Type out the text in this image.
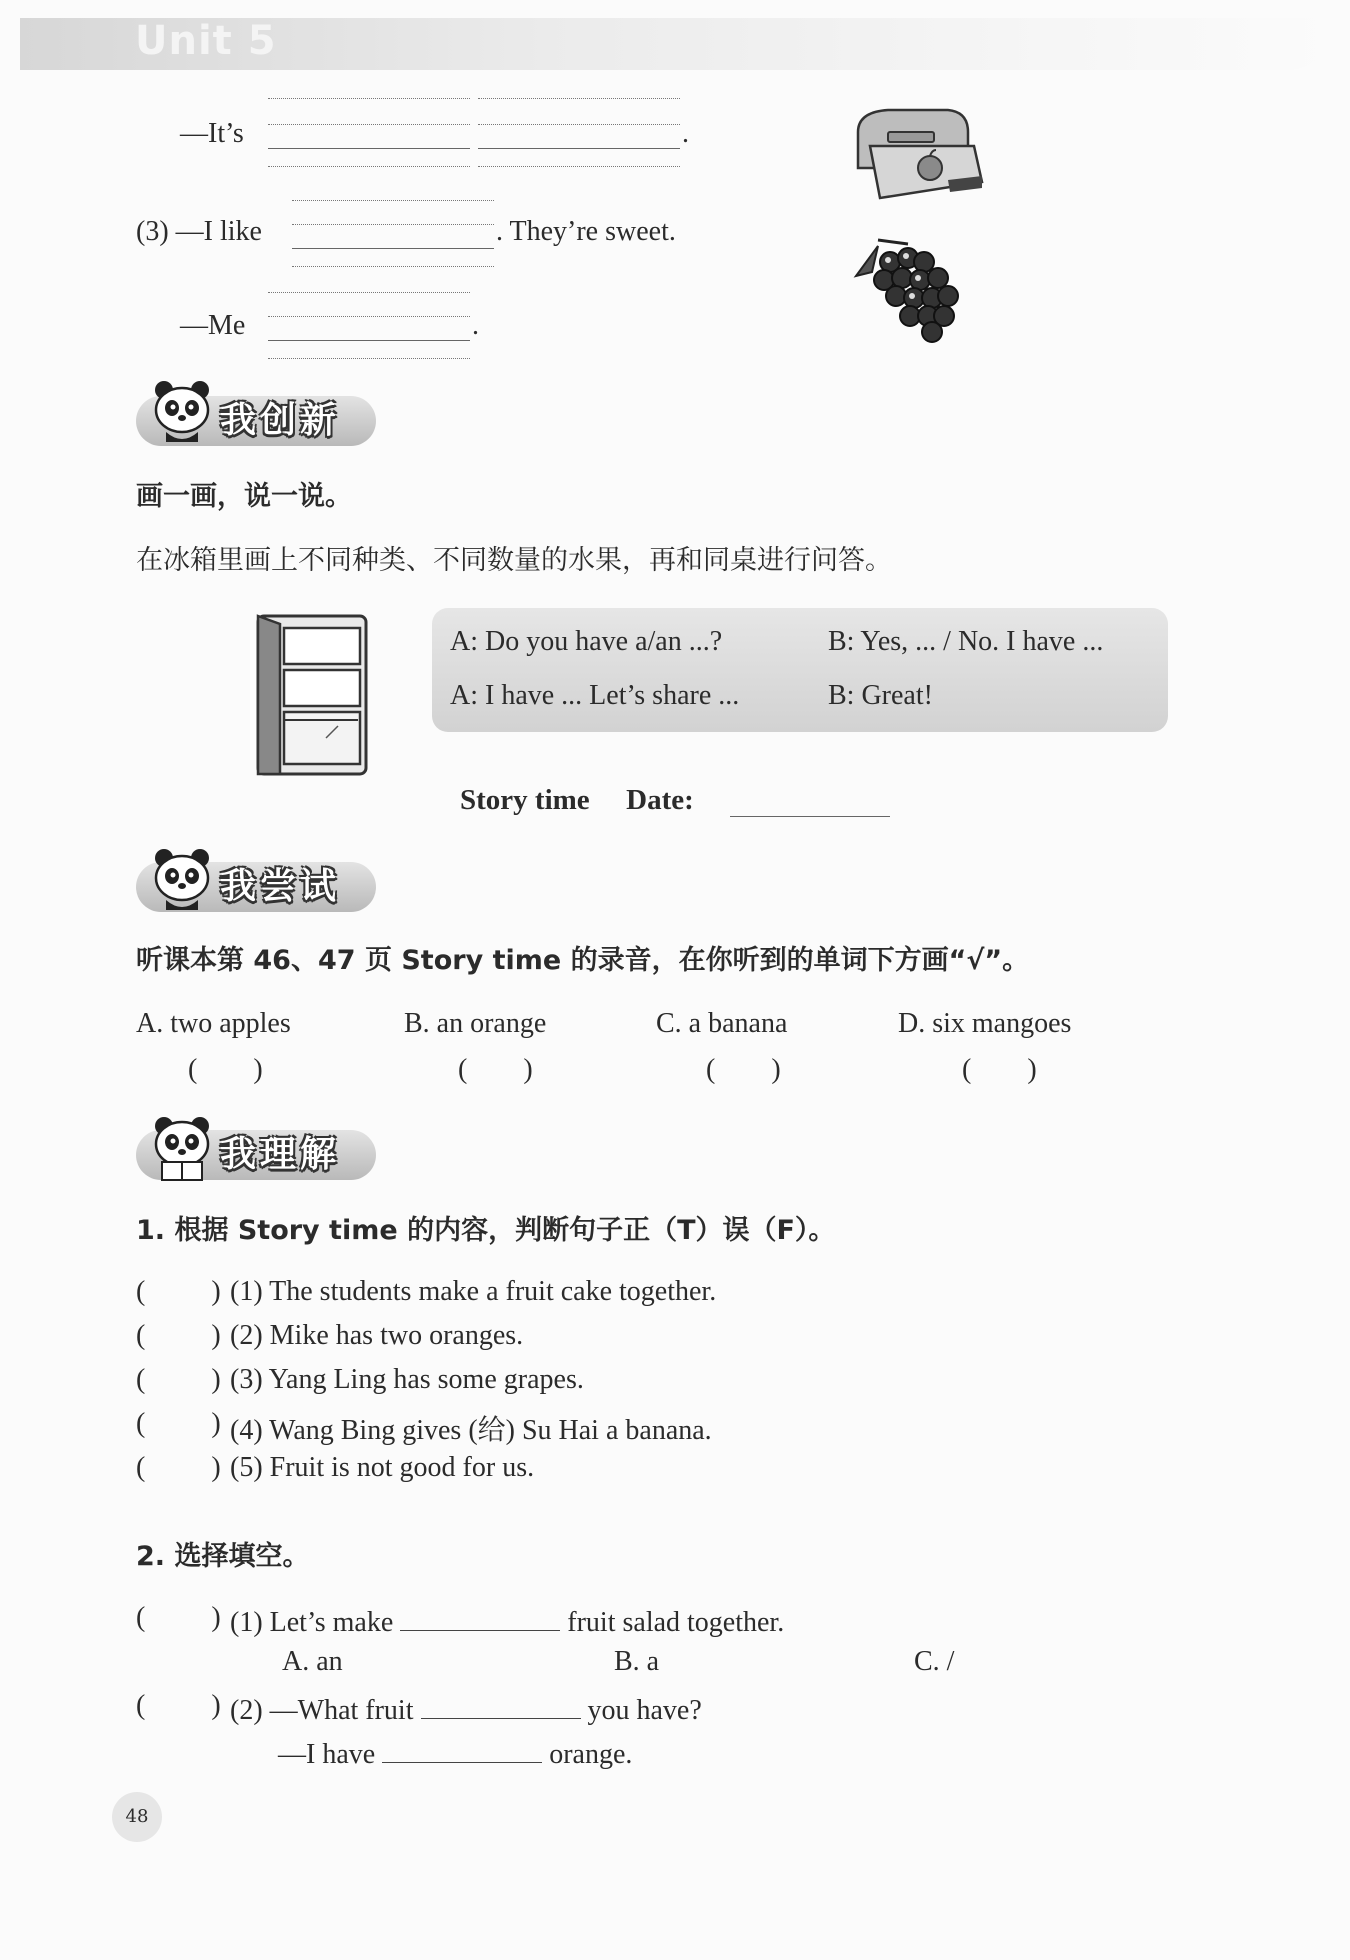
Unit 5
—It’s	.
(3) —I like	. They’re sweet.
—Me	.
我创新
画一画，说一说。
在冰箱里画上不同种类、不同数量的水果，再和同桌进行问答。
A: Do you have a/an ...?	B: Yes, ... / No. I have ...
A: I have ... Let’s share ...	B: Great!
Story time Date:
我尝试
听课本第 46、47 页 Story time 的录音，在你听到的单词下方画“√”。
A. two apples	B. an orange	C. a banana	D. six mangoes
(        )	(        )	(        )	(        )
我理解
1. 根据 Story time 的内容，判断句子正（T）误（F）。
( ) (1) The students make a fruit cake together.
( ) (2) Mike has two oranges.
( ) (3) Yang Ling has some grapes.
( ) (4) Wang Bing gives (给) Su Hai a banana.
( ) (5) Fruit is not good for us.
2. 选择填空。
( ) (1) Let’s make	fruit salad together.
A. an	B. a	C. /
( ) (2) —What fruit	you have?
—I have	orange.
48
